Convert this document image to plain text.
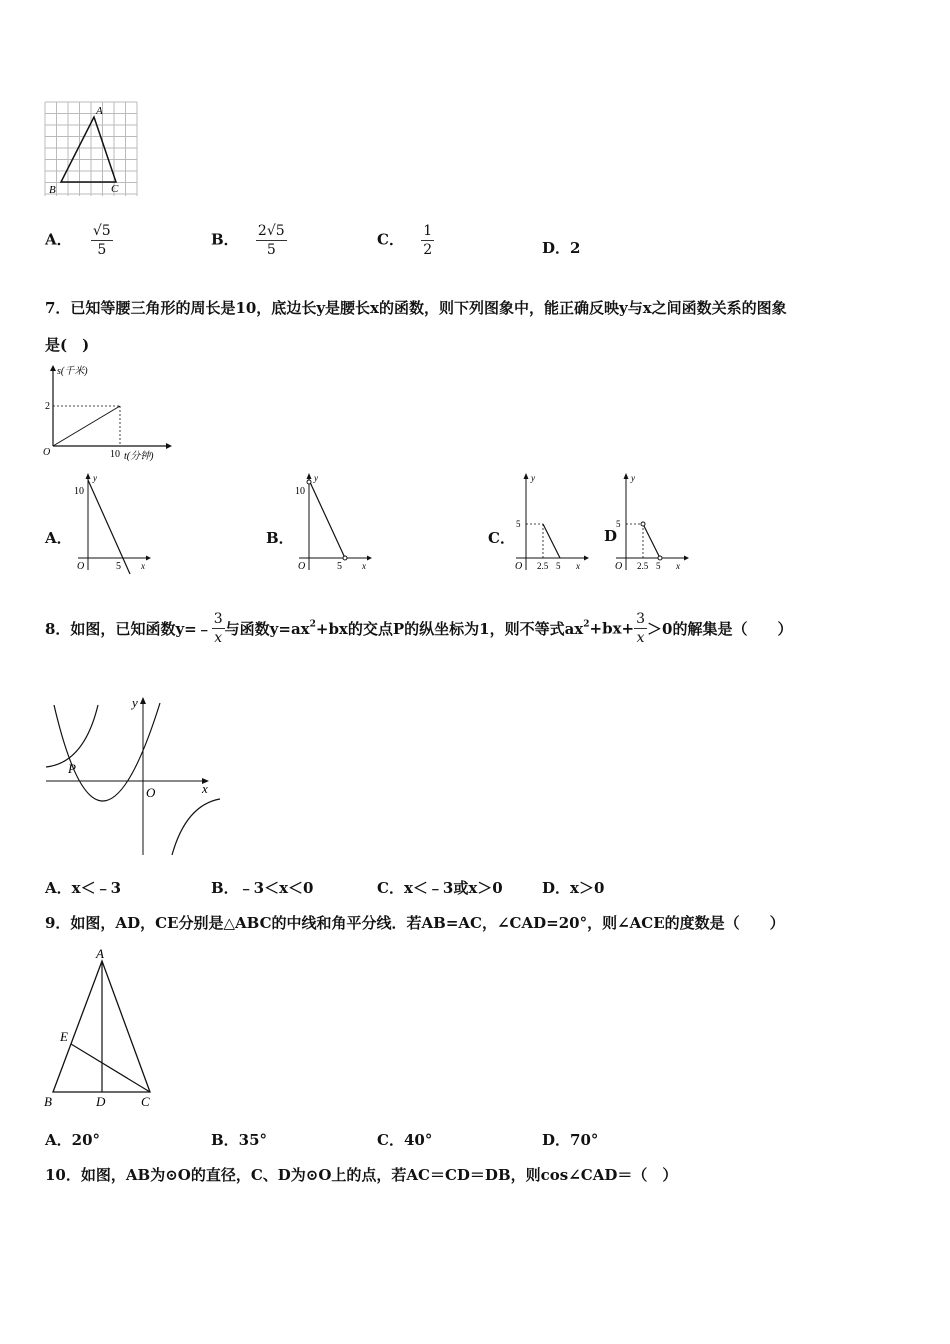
A
B	C
A． $\frac{√5}{5}$	B． $\frac{2√5}{5}$	C． $\frac{1}{2}$	D．2
7．已知等腰三角形的周长是10，底边长y是腰长x的函数，则下列图象中，能正确反映y与x之间函数关系的图象
是(　)
s(千米)
2
O	10 t(分钟)
A．
y
10
O	5 x
B．
y
10
O	5 x
C．
y
5
O 2.5 5 x
D
y
5
O 2.5 5 x
8．如图，已知函数y=﹣ $\frac{3}{x}$ 与函数$y=ax^2+bx$的交点P的纵坐标为1，则不等式$ax^2+bx+ \frac{3}{x} >0$的解集是（　　）
y
x
O
P
A．x＜﹣3	B．﹣3＜x＜0	C．x＜﹣3或x＞0	D．x＞0
9．如图，AD，CE分别是△ABC的中线和角平分线．若AB=AC，∠CAD=20°，则∠ACE的度数是（　　）
A
B	C
D
E
A．20°	B．35°	C．40°	D．70°
10．如图，AB为⊙O的直径，C、D为⊙O上的点，若AC＝CD＝DB，则cos∠CAD＝（　）
